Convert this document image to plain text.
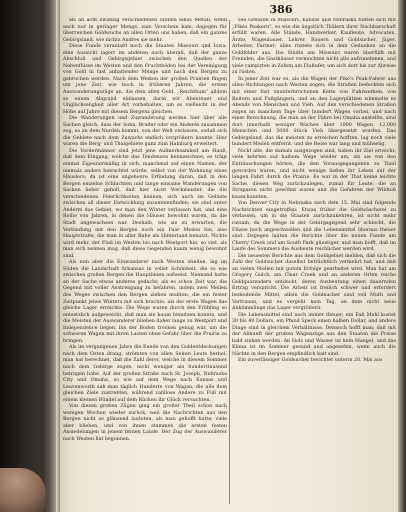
386

als an acht zwanzig verschiedenen Stellen edles Metall, wenn auch nur in geringer Menge, zum Vorschein kam, dagegen für überreichen Goldwuchs an allen Orten uns haben, daß ein ganzes Gebirgsland, wie nichts Andres sie mehr.

Diese Funde veranlaßt noch die Staaten Missouri und Iowa; eine Aussicht lagert im anderen auch überall, daß der ganze Abschluß und Gebirgsgebiet zwischen den Quellen der Nebenflüsse im Westen und den Fruchtböden bei der Vereinigung von Gold in fast anhaltender Menge und nach den Bergen zu gebrochen werden. Nach dem Westen der großen Prairien fingen um jene Zeit, wie noch in früheren Jahren, die ersten Auswanderungszüge an, die dem allen Gold, „Reichthum“ alldem so einem Abgrund einlassen, darin wir Abenteuer und Unglückseligkeit aller Art vorbehalten, um es vielleicht in der Höhe auf Jahre mit diesem Bergenz gleichen.

Die Wanderungen und Zuwanderung werden hier über alle Sachen gleich, dass der Sohn, Bruder oder ein Anderes zusammen zog, es an dem Norden kommt, von der Welt verlassen, sodaß sich die Gebiete nach dem Zuwachs endlich vergrößern konnte. Hier waren die Berg- und Thalgebiete ganz zum Hamburg erweitert.

Die Vordermänner sind jetzt jene Aufmerksamkeit am Hauß, daß dem Eingang, welche das Tendenzen kennzeichnet; es trägt einmal Zigeunermäßig in sich, manchmal auf einen Namen, der niemals anders betrachtet würde, selbst von der Wohnung eines Häuslers; da ist eine ungeheure Erfindung daran, daß in den Bergen einzelne Schluchten und lange einsame Wanderungen von Sacken lieber geholt, daß hier nicht Werkmeister, die die verschiedenen Feierlichkeiten kennen, sich auch im Gebiete zwischen all dieser Entwicklung zusammenfinden; sie sind unter Anderm das Gebiet, wo man den Winter verlassen hat, und eine Reihe von Jahren, in denen die Häuser bewohnt waren, da die Stadt angewachsen war. Deshalb, wie sie zu erwarten, die Verbindung mit den Bergen noch ein Paar Meilen hin, also Hauptstraße, die man in aller Ruhe als Hinterland benutzt. Nichts wird mehr, der Fluß im Westen bis nach Westport hin, so viel, als man sich nennen mag, daß diese Gegenden kaum wenig bewohnt sind.

Als nun aber die Einwanderer nach Westen stießen, lag im Süden die Landschaft Arkansas in voller Schönheit, die so wie zwischen großen Bergen die Hauptlinien aufweist. Niemand hatte an der Sache etwas anderes gedacht; als es schon Zeit war, die Gegend mit voller Anstrengung zu befahren, indem zwei Meilen des Weges zwischen den Bergen ziehen mußten, die ein fester Zeitpunkt jenes Winters mit sich brachte, als der erste Wagen das gleiche Lager erreichte. Die Wege waren durch den Frühling so entsetzlich aufgeweicht, daß man sie kaum benutzen konnte, und die Meisten der Auswanderer blieben daher lange zu Westport und Independence liegen, bis der Boden trocken genug war, um die schweren Wagen mit ihren Lasten ohne Gefahr über die Prairie zu bringen.

Als im vergangenen Jahre die Kunde von den Goldentdeckungen nach dem Osten drang, strömten von allen Seiten Leute herbei; man hat berechnet, daß die Zahl derer, welche in diesem Sommer nach dem Gebirge zogen, nicht weniger als hunderttausend betragen habe. Auf der großen Straße nach St. Joseph, Nebraska City und Omaha, so wie auf dem Wege nach Kansas und Leavenworth sah man täglich Hunderte von Wagen, die alle dem gleichen Ziele zustrebten, während zahllose Andere zu Fuß mit einem kleinen Bündel auf dem Rücken ihr Glück versuchten.

Von diesen großen Zügen ging ein großer Theil schon nach wenigen Wochen wieder zurück, weil die Nachrichten aus den Bergen nicht so glänzend lauteten, als man gehofft hatte; viele aber blieben, und von ihnen stammen die ersten festen Ansiedelungen in jenem fernen Lande. Der Zug der Auswanderer nach Westen hat begonnen.

Die Grenzen in Missouri, Kansas und Nebraska füllten sich mit „Pikes Peakern“, so wie die ängstlich Thälern ihrer Nachbarschaft erfüllt waren. Alle Stände, Handwerker, Kaufleute, Advocaten, Ärzte, Wagenbauer, Lehrer, Bauern und Goldsucher, Jäger, Arbeiter, Farmer; alles rüstete sich in dem Gedanken an die Goldfelder aus. Die Städte am Missouri waren überfüllt mit Fremden, die Gasthäuser vermochten nicht alle aufzunehmen, und viele campirten in Zelten am Flußufer, um sich dort bis zur Abreise zu rüsten.

In jener Zeit war es, als die Wagen der Pike's Peak-Fahrer aus allen Richtungen nach Westen zogen; die Straßen bedeckten sich mit einer fast ununterbrochenen Kette von Fuhrwerken, von Reitern und Fußgängern, und an den Lagerplätzen wimmelte es Abends von Menschen und Vieh. Auf den verschiedenen Straßen zogen an manchem Tage über hundert Wagen vorbei, und nach einer Berechnung, die man an der Fähre bei Omaha anstellte, sind dort innerhalb weniger Wochen über 1000 Wagen, 12,000 Menschen und 5000 Stück Vieh übergesetzt worden. Das Gebirgsland, das die meisten zu erreichen hofften, lag noch viele hundert Meilen entfernt, und die Reise war lang und mühselig.

Nicht alle, die damals ausgezogen sind, haben ihr Ziel erreicht; viele kehrten auf halbem Wege wieder um, als sie von den Enttäuschungen hörten, die den Vorausgegangenen zu Theil geworden waren, und nicht wenige ließen ihr Leben auf der langen Fahrt durch die Prairie. Es war in der That keine leichte Sache, diesen Weg zurückzulegen, zumal für Leute, die an Strapazen nicht gewöhnt waren und die Gefahren der Wildniß kaum kannten.

Von Denver City in Nebraska nach dem 15. Mai sind folgende Nachrichten eingetroffen: Etwas früher die Goldwäscherei zu verlassen, um in die Staaten zurückzukehren, ist nicht mehr ratsam, da die Wege in der Gebirgsgegend sehr schlecht, die Flüsse hoch angeschwollen und die Lebensmittel überaus theuer sind. Dagegen lauten die Berichte über die neuen Funde am Cherry Creek und am South Park günstiger, und man hofft, daß im Laufe des Sommers die Ausbeute reichlicher werden wird.

Die neuesten Berichte aus dem Goldgebiet melden, daß sich die Zahl der Goldsucher daselbst beträchtlich vermehrt hat, und daß an vielen Stellen mit gutem Erfolge gearbeitet wird. Man hat am Gregory Gulch, am Clear Creek und an anderen Orten reiche Goldquarzadern entdeckt, deren Ausbeutung einen dauernden Ertrag verspricht. Die Arbeit ist freilich schwer und erfordert bedeutende Mittel, allein die Goldsucher sind voll Muth und Vertrauen, und es vergeht kein Tag, an dem nicht neue Ankömmlinge das Lager vergrößern.

Die Lebensmittel sind noch immer theuer; ein Faß Mehl kostet 30 bis 40 Dollars, ein Pfund Speck einen halben Dollar, und andere Dinge sind in gleichem Verhältnisse. Dennoch hofft man, daß mit der Ankunft der großen Wagenzüge aus den Staaten die Preise bald sinken werden. An Holz und Wasser ist kein Mangel, und das Klima ist im Sommer gesund und angenehm, wenn auch die Nächte in den Bergen empfindlich kalt sind.

Ein zuverlässiger Goldsucher berichtet unterm 20. Mai aus
